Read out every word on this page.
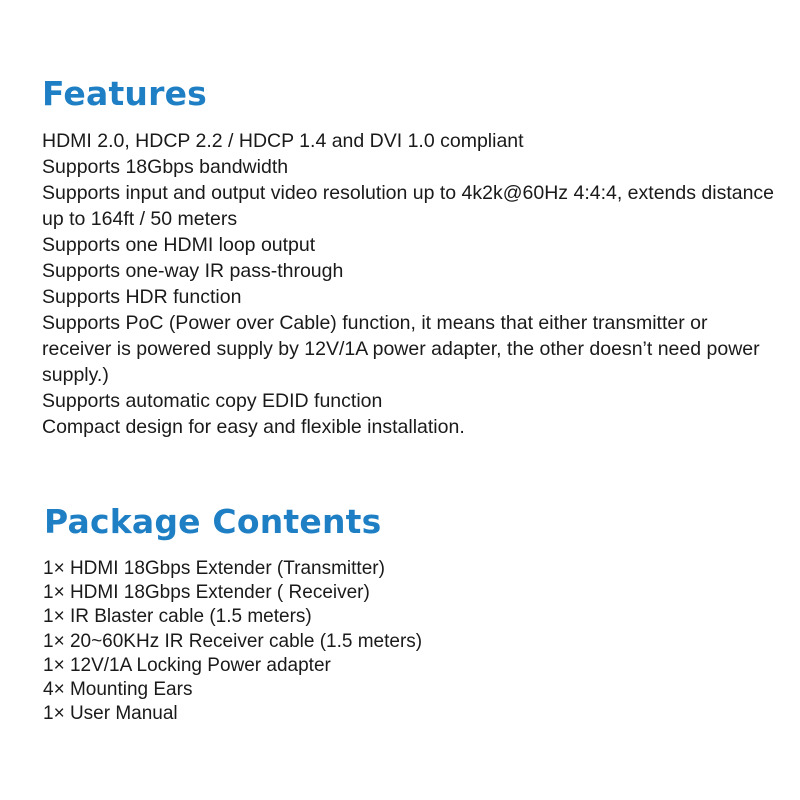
Features
HDMI 2.0, HDCP 2.2 / HDCP 1.4 and DVI 1.0 compliant
Supports 18Gbps bandwidth
Supports input and output video resolution up to 4k2k@60Hz 4:4:4, extends distance up to 164ft / 50 meters
Supports one HDMI loop output
Supports one-way IR pass-through
Supports HDR function
Supports PoC (Power over Cable) function, it means that either transmitter or receiver is powered supply by 12V/1A power adapter, the other doesn’t need power supply.)
Supports automatic copy EDID function
Compact design for easy and flexible installation.
Package Contents
1× HDMI 18Gbps Extender (Transmitter)
1× HDMI 18Gbps Extender ( Receiver)
1× IR Blaster cable (1.5 meters)
1× 20~60KHz IR Receiver cable (1.5 meters)
1× 12V/1A Locking Power adapter
4× Mounting Ears
1× User Manual
